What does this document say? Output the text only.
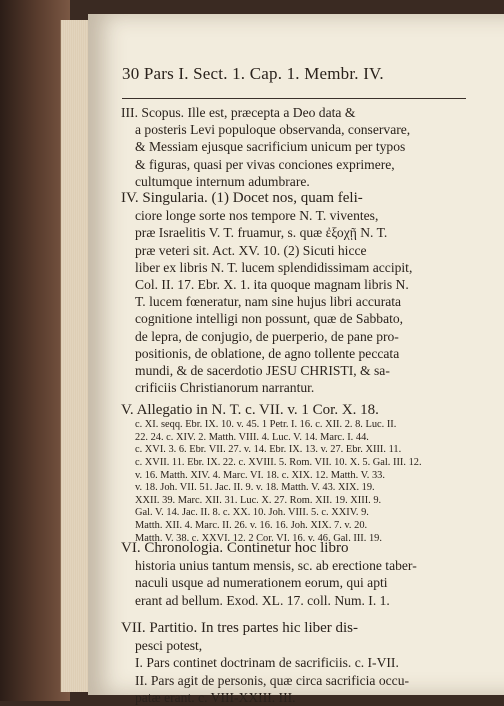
30 Pars I. Sect. 1. Cap. 1. Membr. IV.
III. Scopus. Ille est, præcepta a Deo data &
a posteris Levi populoque observanda, conservare,
& Messiam ejusque sacrificium unicum per typos
& figuras, quasi per vivas conciones exprimere,
cultumque internum adumbrare.
IV. Singularia. (1) Docet nos, quam feli-
ciore longe sorte nos tempore N. T. viventes,
præ Israelitis V. T. fruamur, s. quæ ἐξοχῇ N. T.
præ veteri sit. Act. XV. 10. (2) Sicuti hicce
liber ex libris N. T. lucem splendidissimam accipit,
Col. II. 17. Ebr. X. 1. ita quoque magnam libris N.
T. lucem fœneratur, nam sine hujus libri accurata
cognitione intelligi non possunt, quæ de Sabbato,
de lepra, de conjugio, de puerperio, de pane pro-
positionis, de oblatione, de agno tollente peccata
mundi, & de sacerdotio JESU CHRISTI, & sa-
crificiis Christianorum narrantur.
V. Allegatio in N. T. c. VII. v. 1 Cor. X. 18.
c. XI. seqq. Ebr. IX. 10. v. 45. 1 Petr. I. 16. c. XII. 2. 8. Luc. II.
22. 24. c. XIV. 2. Matth. VIII. 4. Luc. V. 14. Marc. I. 44.
c. XVI. 3. 6. Ebr. VII. 27. v. 14. Ebr. IX. 13. v. 27. Ebr. XIII. 11.
c. XVII. 11. Ebr. IX. 22. c. XVIII. 5. Rom. VII. 10. X. 5. Gal. III. 12.
v. 16. Matth. XIV. 4. Marc. VI. 18. c. XIX. 12. Matth. V. 33.
v. 18. Joh. VII. 51. Jac. II. 9. v. 18. Matth. V. 43. XIX. 19.
XXII. 39. Marc. XII. 31. Luc. X. 27. Rom. XII. 19. XIII. 9.
Gal. V. 14. Jac. II. 8. c. XX. 10. Joh. VIII. 5. c. XXIV. 9.
Matth. XII. 4. Marc. II. 26. v. 16. 16. Joh. XIX. 7. v. 20.
Matth. V. 38. c. XXVI. 12. 2 Cor. VI. 16. v. 46. Gal. III. 19.
VI. Chronologia. Continetur hoc libro
historia unius tantum mensis, sc. ab erectione taber-
naculi usque ad numerationem eorum, qui apti
erant ad bellum. Exod. XL. 17. coll. Num. I. 1.
VII. Partitio. In tres partes hic liber dis-
pesci potest,
I. Pars continet doctrinam de sacrificiis. c. I-VII.
II. Pars agit de personis, quæ circa sacrificia occu-
patæ erant. c. VIII-XXIII. III.
